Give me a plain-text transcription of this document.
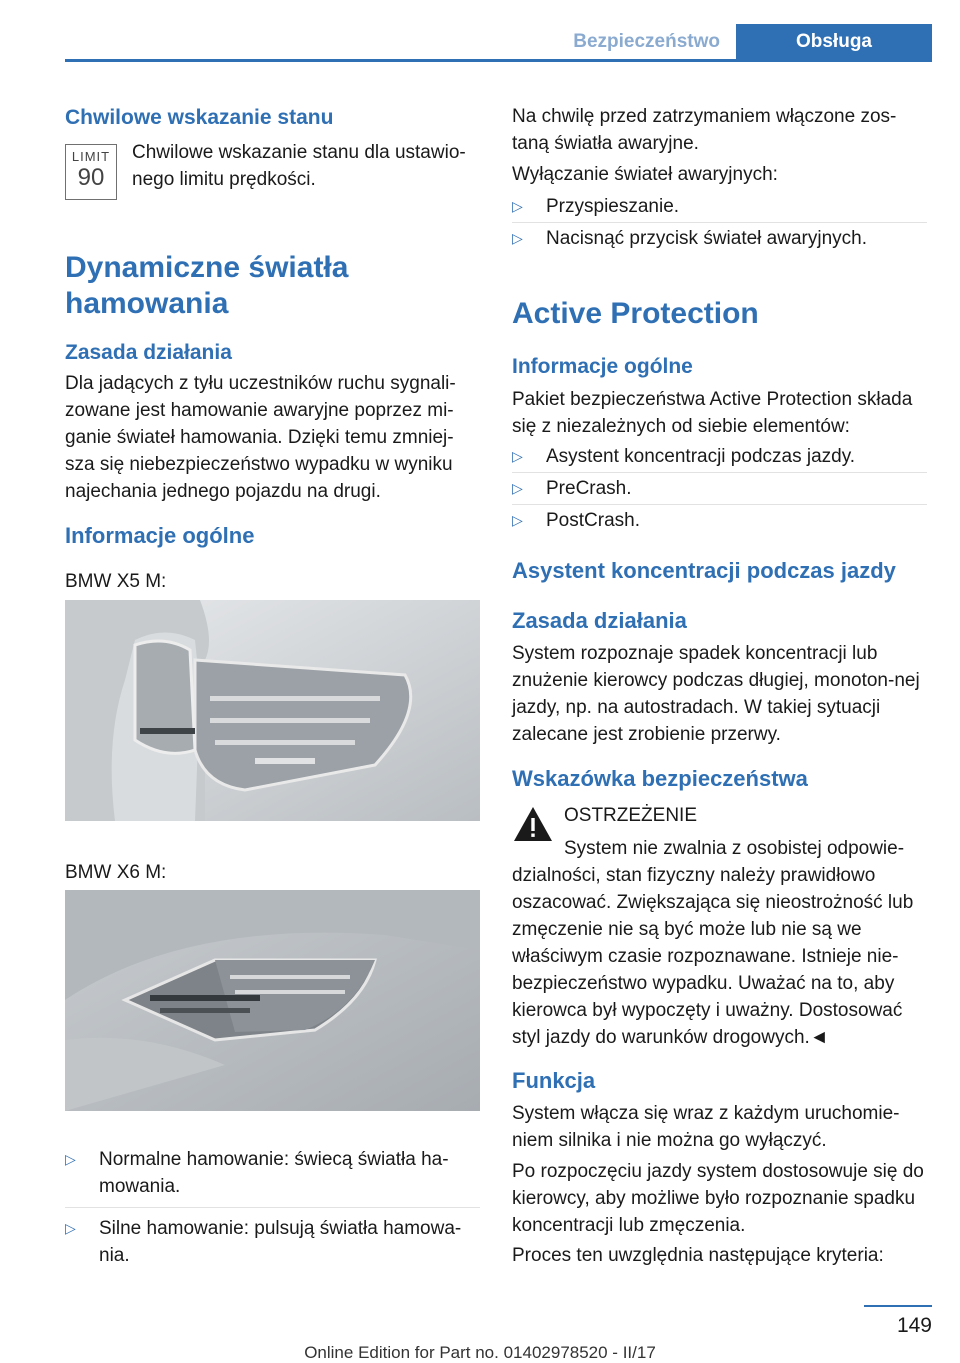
Bezpieczeństwo	Obsługa
Chwilowe wskazanie stanu
LIMIT
90

Chwilowe wskazanie stanu dla ustawio-nego limitu prędkości.

Dynamiczne światła hamowania
Zasada działania

Dla jadących z tyłu uczestników ruchu sygnali-zowane jest hamowanie awaryjne poprzez mi-ganie świateł hamowania. Dzięki temu zmniej-sza się niebezpieczeństwo wypadku w wyniku najechania jednego pojazdu na drugi.

Informacje ogólne

BMW X5 M:

BMW X6 M:

▷ Normalne hamowanie: świecą światła ha-mowania.
▷ Silne hamowanie: pulsują światła hamowa-nia.

Na chwilę przed zatrzymaniem włączone zos-taną światła awaryjne.

Wyłączanie świateł awaryjnych:

▷ Przyspieszanie.
▷ Nacisnąć przycisk świateł awaryjnych.
Active Protection
Informacje ogólne

Pakiet bezpieczeństwa Active Protection składa się z niezależnych od siebie elementów:

▷ Asystent koncentracji podczas jazdy.
▷ PreCrash.
▷ PostCrash.
Asystent koncentracji podczas jazdy
Zasada działania

System rozpoznaje spadek koncentracji lub znużenie kierowcy podczas długiej, monoton-nej jazdy, np. na autostradach. W takiej sytuacji zalecane jest zrobienie przerwy.

Wskazówka bezpieczeństwa

OSTRZEŻENIE

System nie zwalnia z osobistej odpowie-dzialności, stan fizyczny należy prawidłowo oszacować. Zwiększająca się nieostrożność lub zmęczenie nie są być może lub nie są we właściwym czasie rozpoznawane. Istnieje nie-bezpieczeństwo wypadku. Uważać na to, aby kierowca był wypoczęty i uważny. Dostosować styl jazdy do warunków drogowych.◄

Funkcja

System włącza się wraz z każdym uruchomie-niem silnika i nie można go wyłączyć.

Po rozpoczęciu jazdy system dostosowuje się do kierowcy, aby możliwe było rozpoznanie spadku koncentracji lub zmęczenia.

Proces ten uwzględnia następujące kryteria:

149
Online Edition for Part no. 01402978520 - II/17
